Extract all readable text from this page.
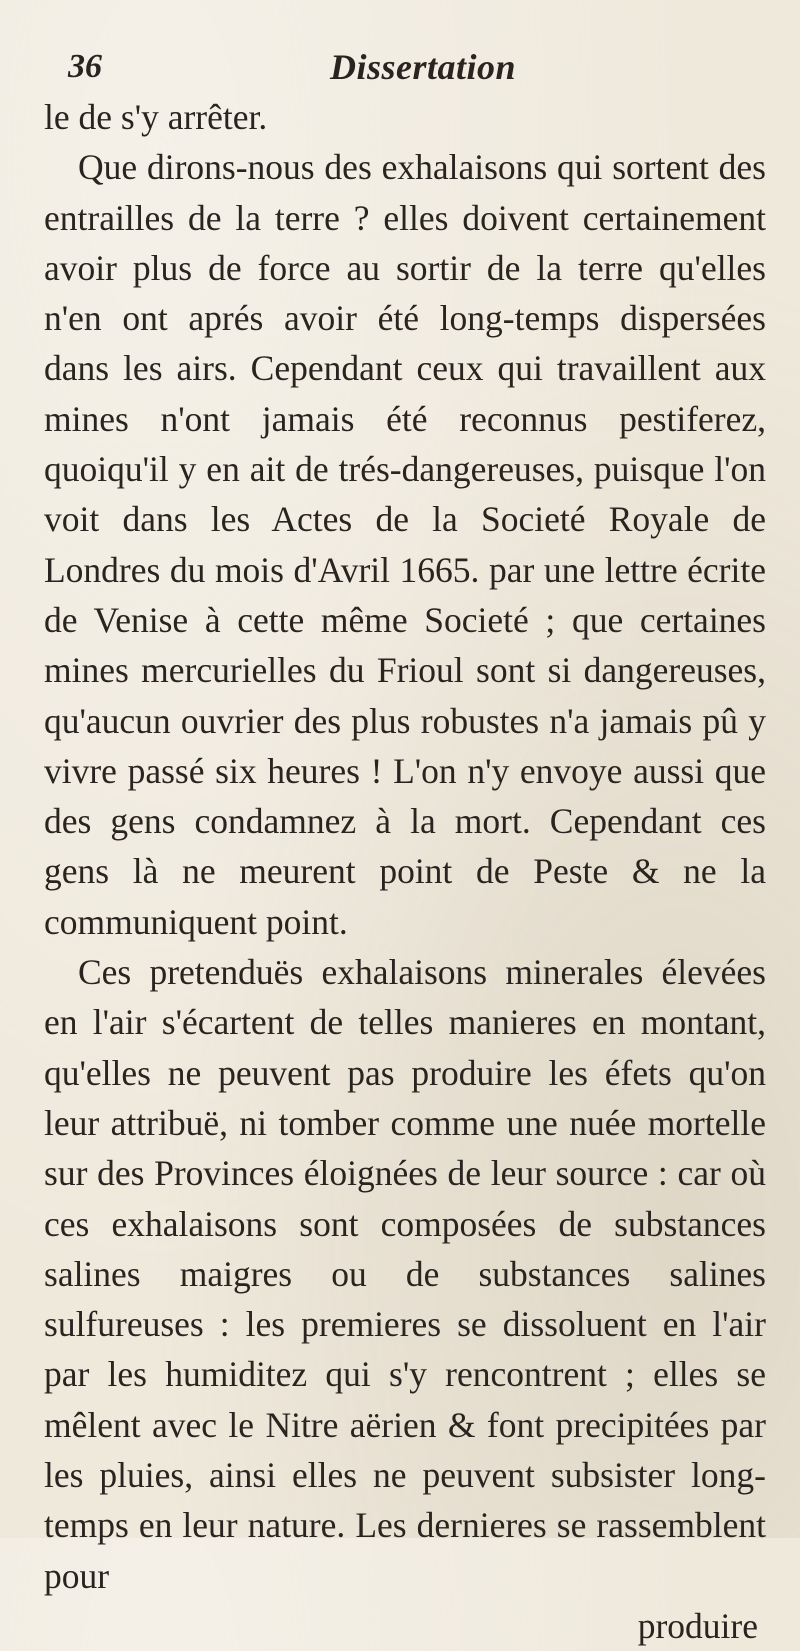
36	Dissertation

le de s'y arrêter.

Que dirons-nous des exhalaisons qui sortent des entrailles de la terre ? elles doivent certainement avoir plus de force au sortir de la terre qu'elles n'en ont aprés avoir été long-temps dispersées dans les airs. Cependant ceux qui travaillent aux mines n'ont jamais été reconnus pestiferez, quoiqu'il y en ait de trés-dangereuses, puisque l'on voit dans les Actes de la Societé Royale de Londres du mois d'Avril 1665. par une lettre écrite de Venise à cette même Societé ; que certaines mines mercurielles du Frioul sont si dangereuses, qu'aucun ouvrier des plus robustes n'a jamais pû y vivre passé six heures ! L'on n'y envoye aussi que des gens condamnez à la mort. Cependant ces gens là ne meurent point de Peste & ne la communiquent point.

Ces pretenduës exhalaisons minerales élevées en l'air s'écartent de telles manieres en montant, qu'elles ne peuvent pas produire les éfets qu'on leur attribuë, ni tomber comme une nuée mortelle sur des Provinces éloignées de leur source : car où ces exhalaisons sont composées de substances salines maigres ou de substances salines sulfureuses : les premieres se dissoluent en l'air par les humiditez qui s'y rencontrent ; elles se mêlent avec le Nitre aërien & font precipitées par les pluies, ainsi elles ne peuvent subsister long-temps en leur nature. Les dernieres se rassemblent pour

produire
